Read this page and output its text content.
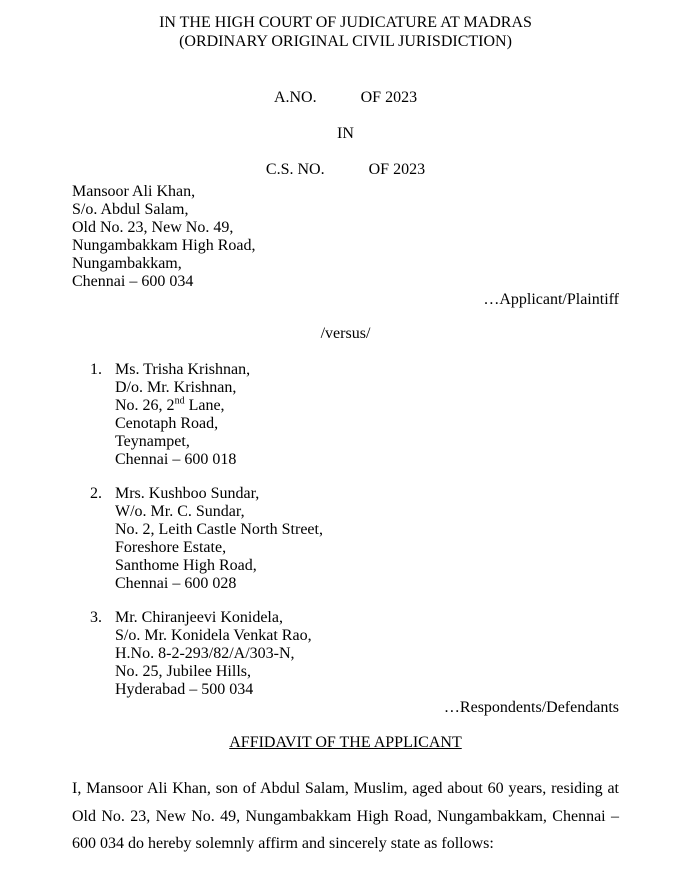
IN THE HIGH COURT OF JUDICATURE AT MADRAS
(ORDINARY ORIGINAL CIVIL JURISDICTION)
A.NO.	OF 2023
IN
C.S. NO.	OF 2023
Mansoor Ali Khan,
S/o. Abdul Salam,
Old No. 23, New No. 49,
Nungambakkam High Road,
Nungambakkam,
Chennai – 600 034
…Applicant/Plaintiff
/versus/
1. Ms. Trisha Krishnan,
D/o. Mr. Krishnan,
No. 26, 2nd Lane,
Cenotaph Road,
Teynampet,
Chennai – 600 018
2. Mrs. Kushboo Sundar,
W/o. Mr. C. Sundar,
No. 2, Leith Castle North Street,
Foreshore Estate,
Santhome High Road,
Chennai – 600 028
3. Mr. Chiranjeevi Konidela,
S/o. Mr. Konidela Venkat Rao,
H.No. 8-2-293/82/A/303-N,
No. 25, Jubilee Hills,
Hyderabad – 500 034
…Respondents/Defendants
AFFIDAVIT OF THE APPLICANT

I, Mansoor Ali Khan, son of Abdul Salam, Muslim, aged about 60 years, residing at Old No. 23, New No. 49, Nungambakkam High Road, Nungambakkam, Chennai – 600 034 do hereby solemnly affirm and sincerely state as follows:
